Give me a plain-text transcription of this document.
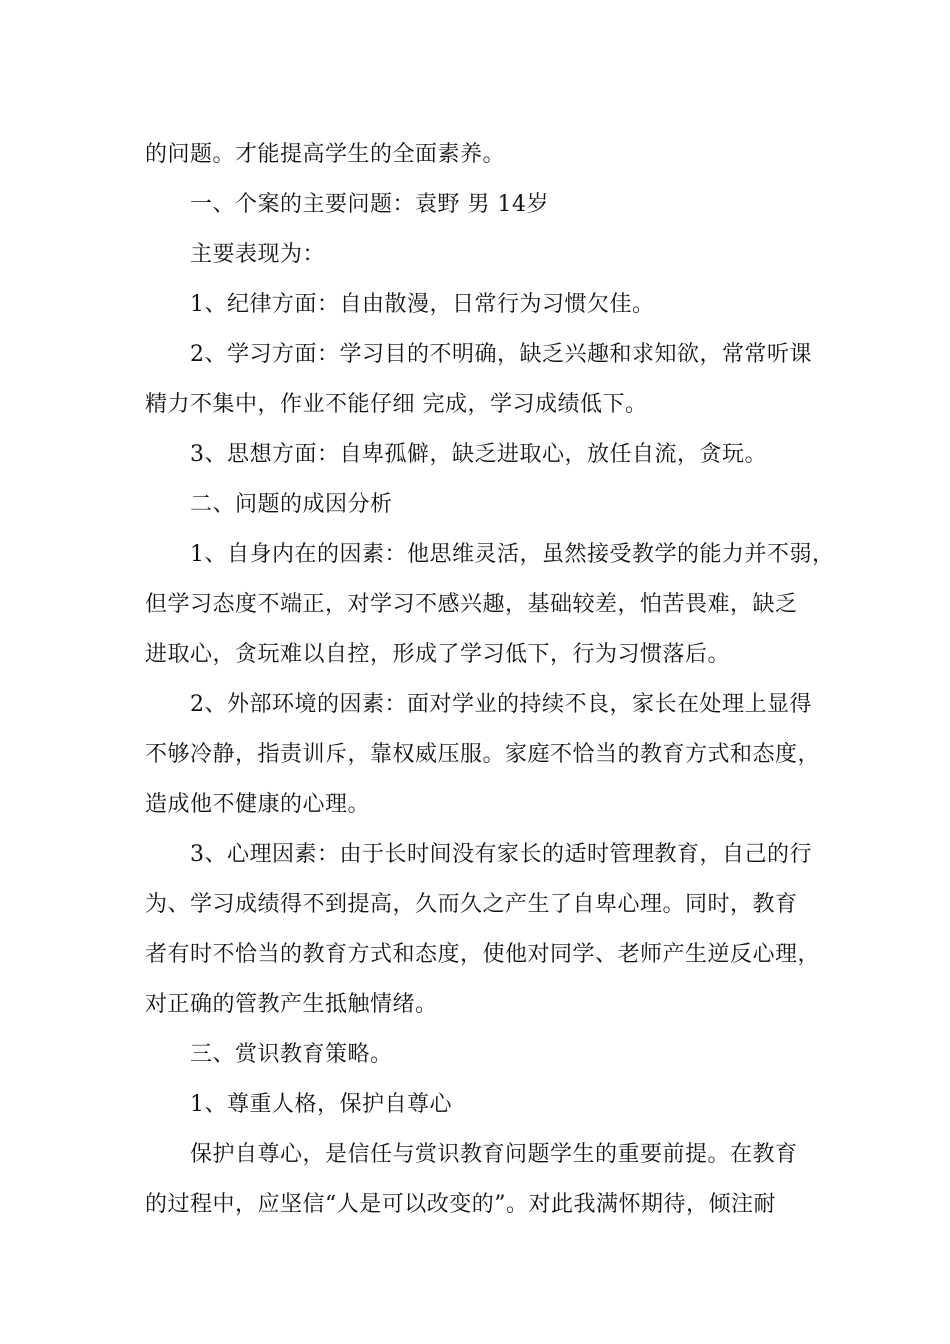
的问题。才能提高学生的全面素养。
一、个案的主要问题：袁野 男 14岁
主要表现为：
1、纪律方面：自由散漫，日常行为习惯欠佳。
2、学习方面：学习目的不明确，缺乏兴趣和求知欲，常常听课
精力不集中，作业不能仔细 完成，学习成绩低下。
3、思想方面：自卑孤僻，缺乏进取心，放任自流，贪玩。
二、问题的成因分析
1、自身内在的因素：他思维灵活，虽然接受教学的能力并不弱，
但学习态度不端正，对学习不感兴趣，基础较差，怕苦畏难，缺乏
进取心，贪玩难以自控，形成了学习低下，行为习惯落后。
2、外部环境的因素：面对学业的持续不良，家长在处理上显得
不够冷静，指责训斥，靠权威压服。家庭不恰当的教育方式和态度，
造成他不健康的心理。
3、心理因素：由于长时间没有家长的适时管理教育，自己的行
为、学习成绩得不到提高，久而久之产生了自卑心理。同时，教育
者有时不恰当的教育方式和态度，使他对同学、老师产生逆反心理，
对正确的管教产生抵触情绪。
三、赏识教育策略。
1、尊重人格，保护自尊心
保护自尊心，是信任与赏识教育问题学生的重要前提。在教育
的过程中，应坚信“人是可以改变的”。对此我满怀期待，倾注耐
